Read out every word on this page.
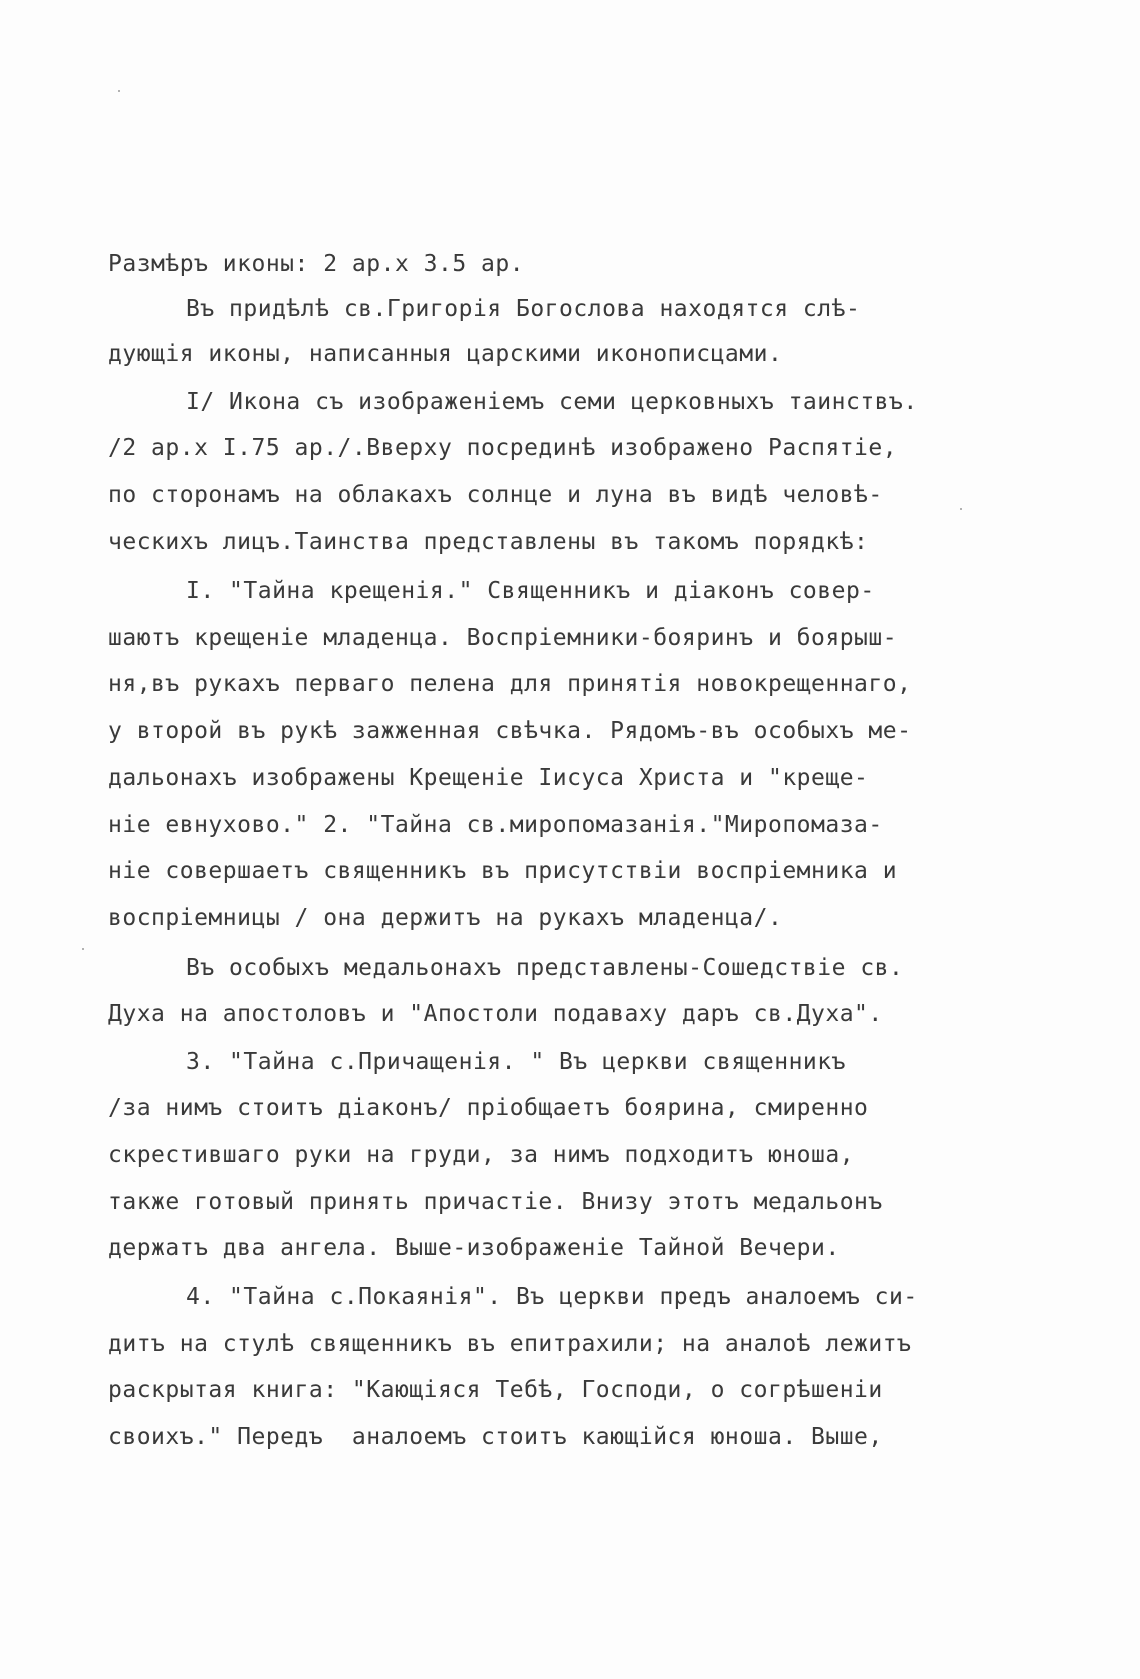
Размѣръ иконы: 2 ар.х 3.5 ар.
Въ придѣлѣ св.Григорія Богослова находятся слѣ-
дующія иконы, написанныя царскими иконописцами.
I/ Икона съ изображеніемъ семи церковныхъ таинствъ.
/2 ар.х I.75 ар./.Вверху посрединѣ изображено Распятіе,
по сторонамъ на облакахъ солнце и луна въ видѣ человѣ-
ческихъ лицъ.Таинства представлены въ такомъ порядкѣ:
I. "Тайна крещенія." Священникъ и діаконъ совер-
шаютъ крещеніе младенца. Воспріемники-бояринъ и боярыш-
ня,въ рукахъ перваго пелена для принятія новокрещеннаго,
у второй въ рукѣ зажженная свѣчка. Рядомъ-въ особыхъ ме-
дальонахъ изображены Крещеніе Іисуса Христа и "креще-
ніе евнухово." 2. "Тайна св.миропомазанія."Миропомаза-
ніе совершаетъ священникъ въ присутствіи воспріемника и
воспріемницы / она держитъ на рукахъ младенца/.
Въ особыхъ медальонахъ представлены-Сошедствіе св.
Духа на апостоловъ и "Апостоли подаваху даръ св.Духа".
3. "Тайна с.Причащенія. " Въ церкви священникъ
/за нимъ стоитъ діаконъ/ пріобщаетъ боярина, смиренно
скрестившаго руки на груди, за нимъ подходитъ юноша,
также готовый принять причастіе. Внизу этотъ медальонъ
держатъ два ангела. Выше-изображеніе Тайной Вечери.
4. "Тайна с.Покаянія". Въ церкви предъ аналоемъ си-
дитъ на стулѣ священникъ въ епитрахили; на аналоѣ лежитъ
раскрытая книга: "Кающіяся Тебѣ, Господи, о согрѣшеніи
своихъ." Передъ  аналоемъ стоитъ кающійся юноша. Выше,
